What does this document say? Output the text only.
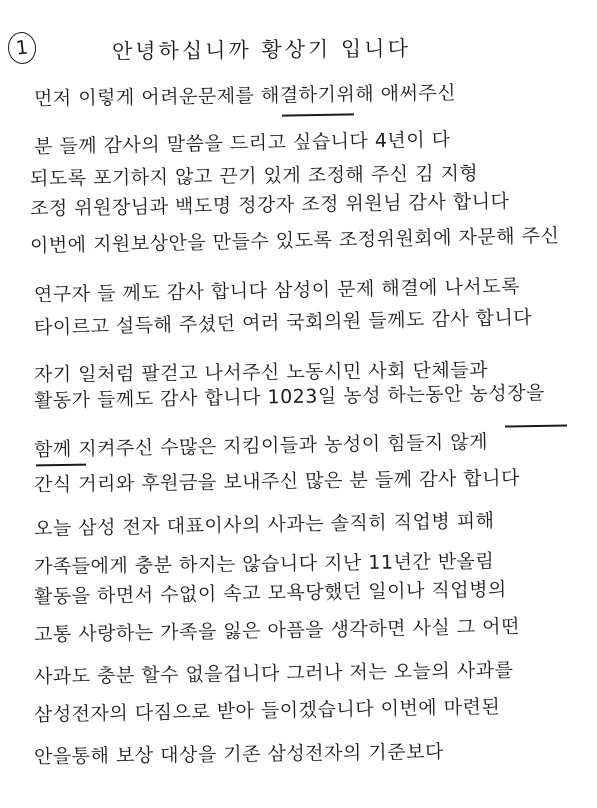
1	안녕하십니까 황상기 입니다
먼저 이렇게 어려운문제를 해결하기위해 애써주신
분 들께 감사의 말씀을 드리고 싶습니다 4년이 다
되도록 포기하지 않고 끈기 있게 조정해 주신 김 지형
조정 위원장님과 백도명 정강자 조정 위원님 감사 합니다
이번에 지원보상안을 만들수 있도록 조정위원회에 자문해 주신
연구자 들 께도 감사 합니다 삼성이 문제 해결에 나서도록
타이르고 설득해 주셨던 여러 국회의원 들께도 감사 합니다
자기 일처럼 팔걷고 나서주신 노동시민 사회 단체들과
활동가 들께도 감사 합니다 1023일 농성 하는동안 농성장을
함께 지켜주신 수많은 지킴이들과 농성이 힘들지 않게
간식 거리와 후원금을 보내주신 많은 분 들께 감사 합니다
오늘 삼성 전자 대표이사의 사과는 솔직히 직업병 피해
가족들에게 충분 하지는 않습니다 지난 11년간 반올림
활동을 하면서 수없이 속고 모욕당했던 일이나 직업병의
고통 사랑하는 가족을 잃은 아픔을 생각하면 사실 그 어떤
사과도 충분 할수 없을겁니다 그러나 저는 오늘의 사과를
삼성전자의 다짐으로 받아 들이겠습니다 이번에 마련된
안을통해 보상 대상을 기존 삼성전자의 기준보다
